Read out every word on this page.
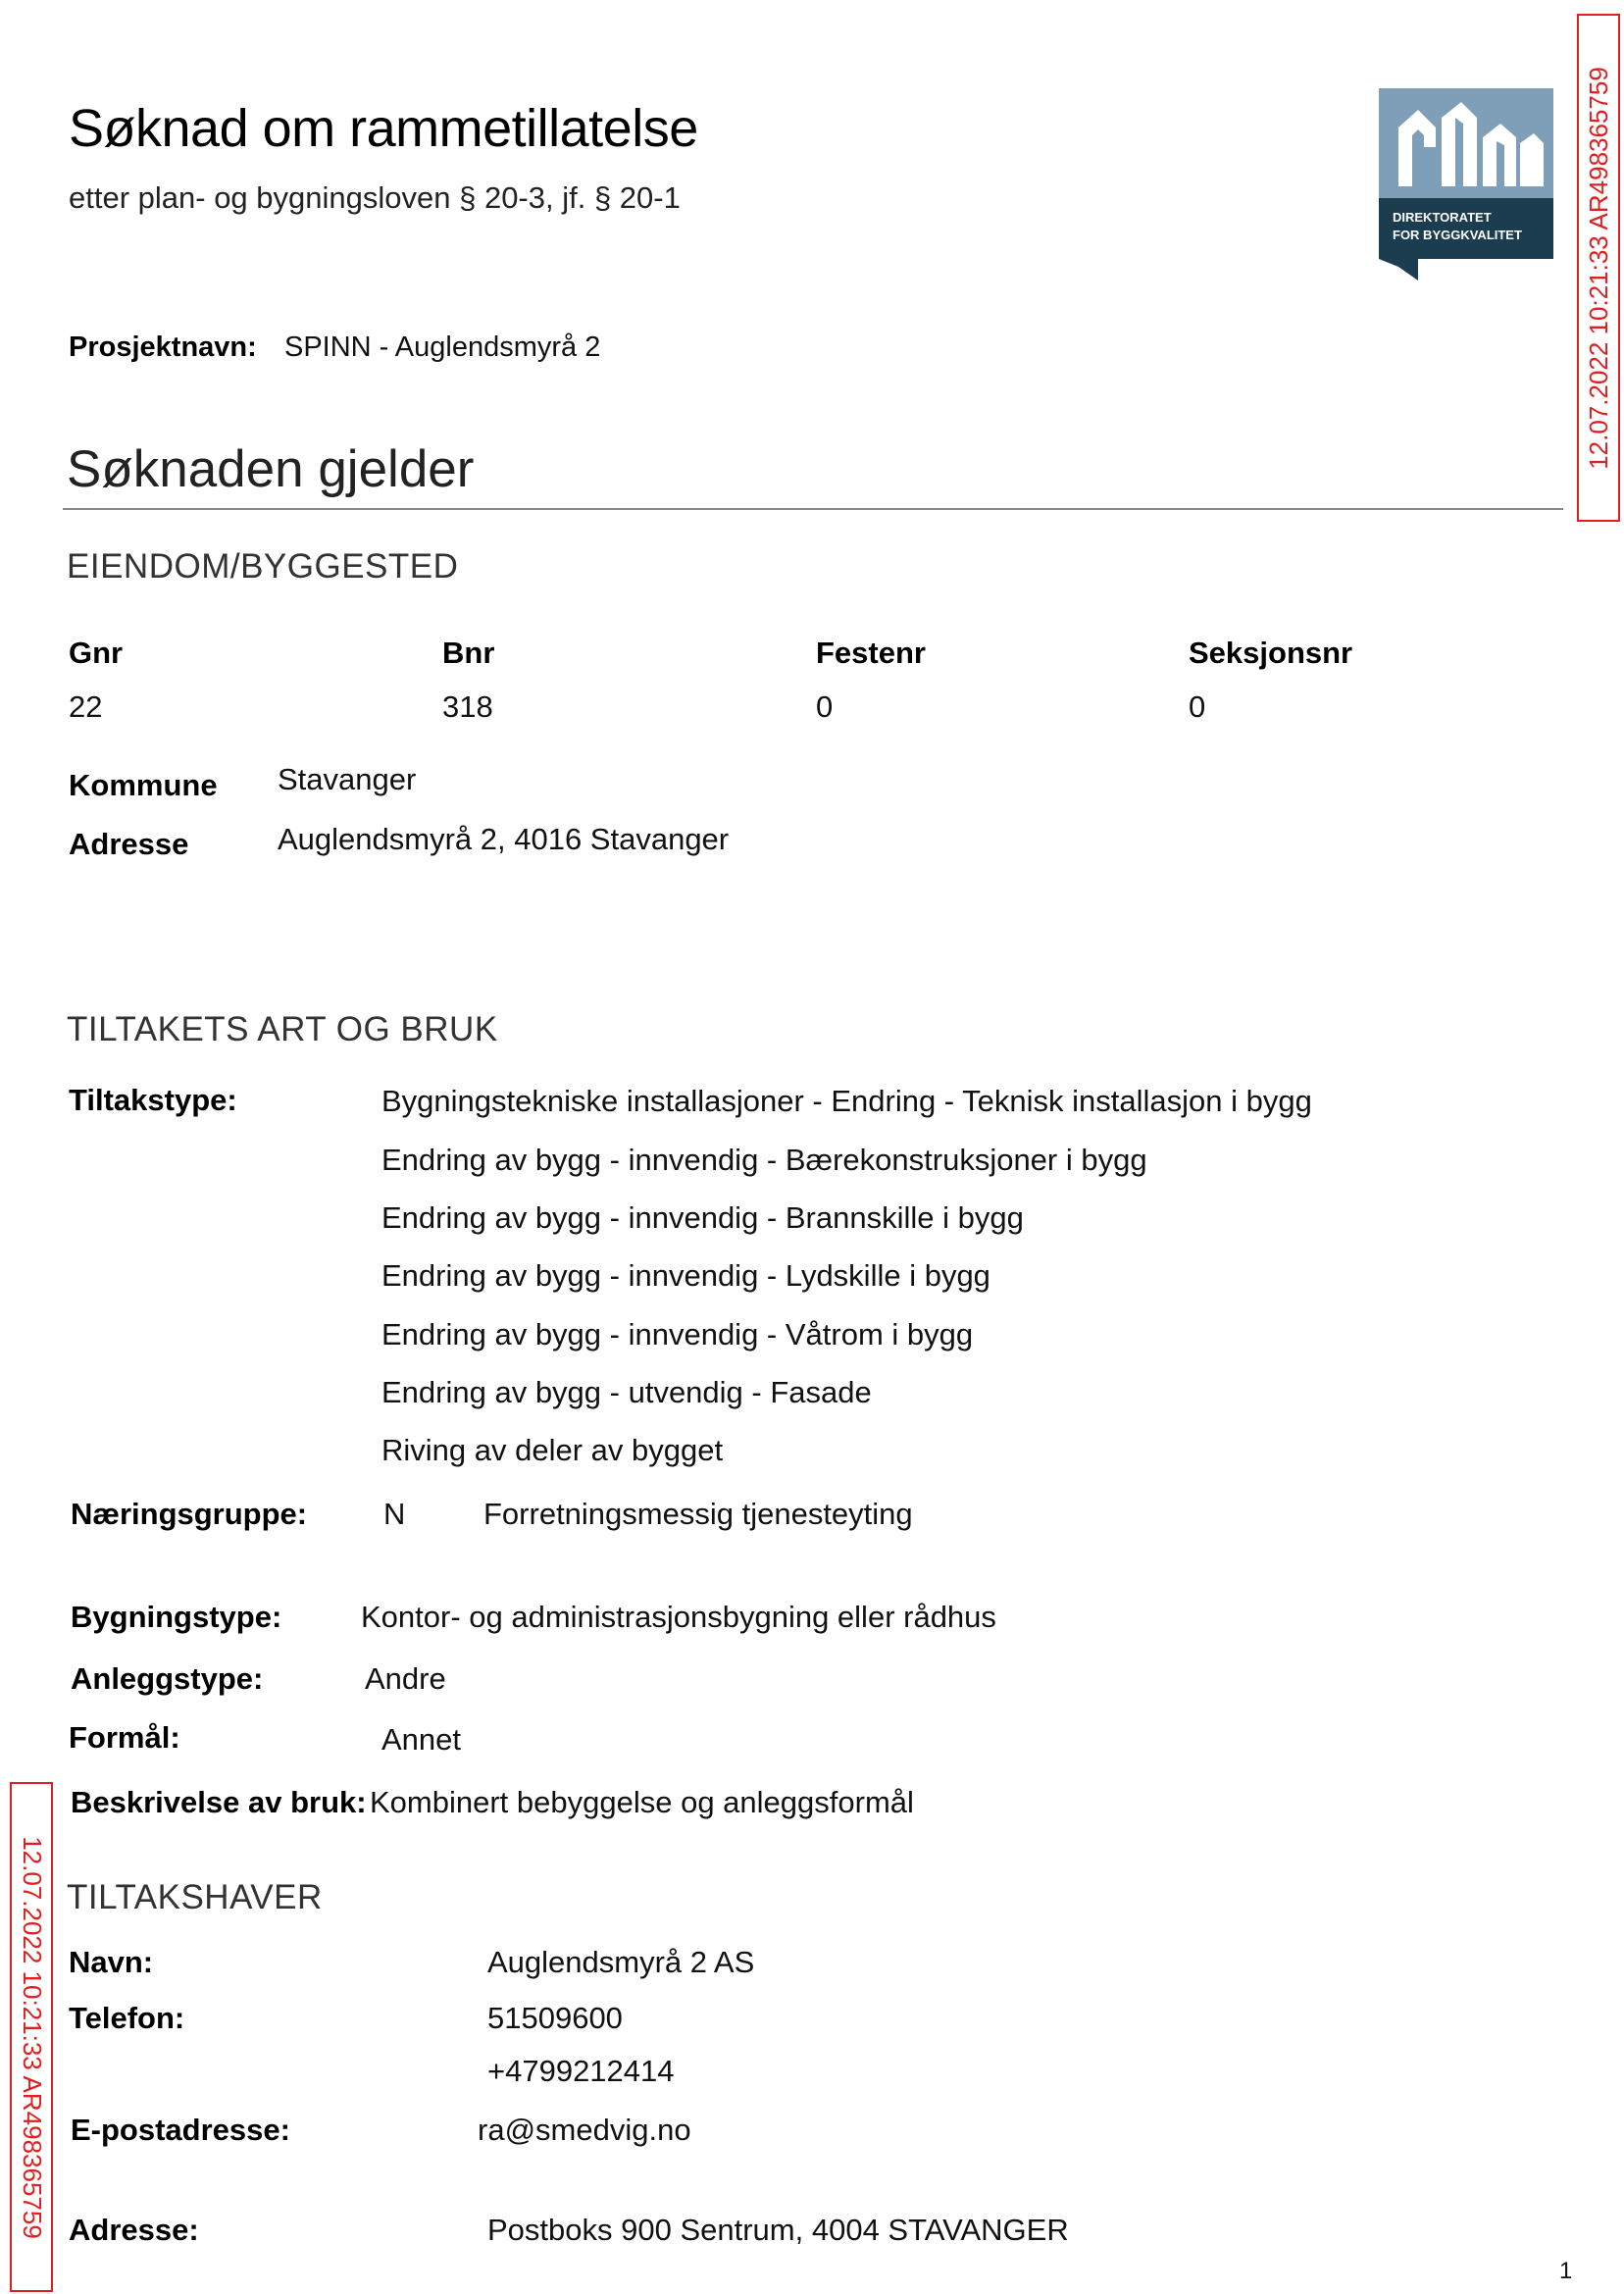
Søknad om rammetillatelse
etter plan- og bygningsloven § 20-3, jf. § 20-1
DIREKTORATET
FOR BYGGKVALITET
Prosjektnavn: SPINN - Auglendsmyrå 2
Søknaden gjelder
EIENDOM/BYGGESTED
Gnr	Bnr	Festenr	Seksjonsnr
22	318	0	0
Kommune Stavanger
Adresse	Auglendsmyrå 2, 4016 Stavanger
TILTAKETS ART OG BRUK
Tiltakstype:	Bygningstekniske installasjoner - Endring - Teknisk installasjon i bygg
Endring av bygg - innvendig - Bærekonstruksjoner i bygg
Endring av bygg - innvendig - Brannskille i bygg
Endring av bygg - innvendig - Lydskille i bygg
Endring av bygg - innvendig - Våtrom i bygg
Endring av bygg - utvendig - Fasade
Riving av deler av bygget
Næringsgruppe:	N	Forretningsmessig tjenesteyting
Bygningstype:	Kontor- og administrasjonsbygning eller rådhus
Anleggstype:	Andre
Formål:	Annet
Beskrivelse av bruk: Kombinert bebyggelse og anleggsformål
TILTAKSHAVER
Navn:	Auglendsmyrå 2 AS
Telefon:	51509600
+4799212414
E-postadresse:	ra@smedvig.no
Adresse:	Postboks 900 Sentrum, 4004 STAVANGER
12.07.2022 10:21:33 AR498365759
12.07.2022 10:21:33 AR498365759
1
